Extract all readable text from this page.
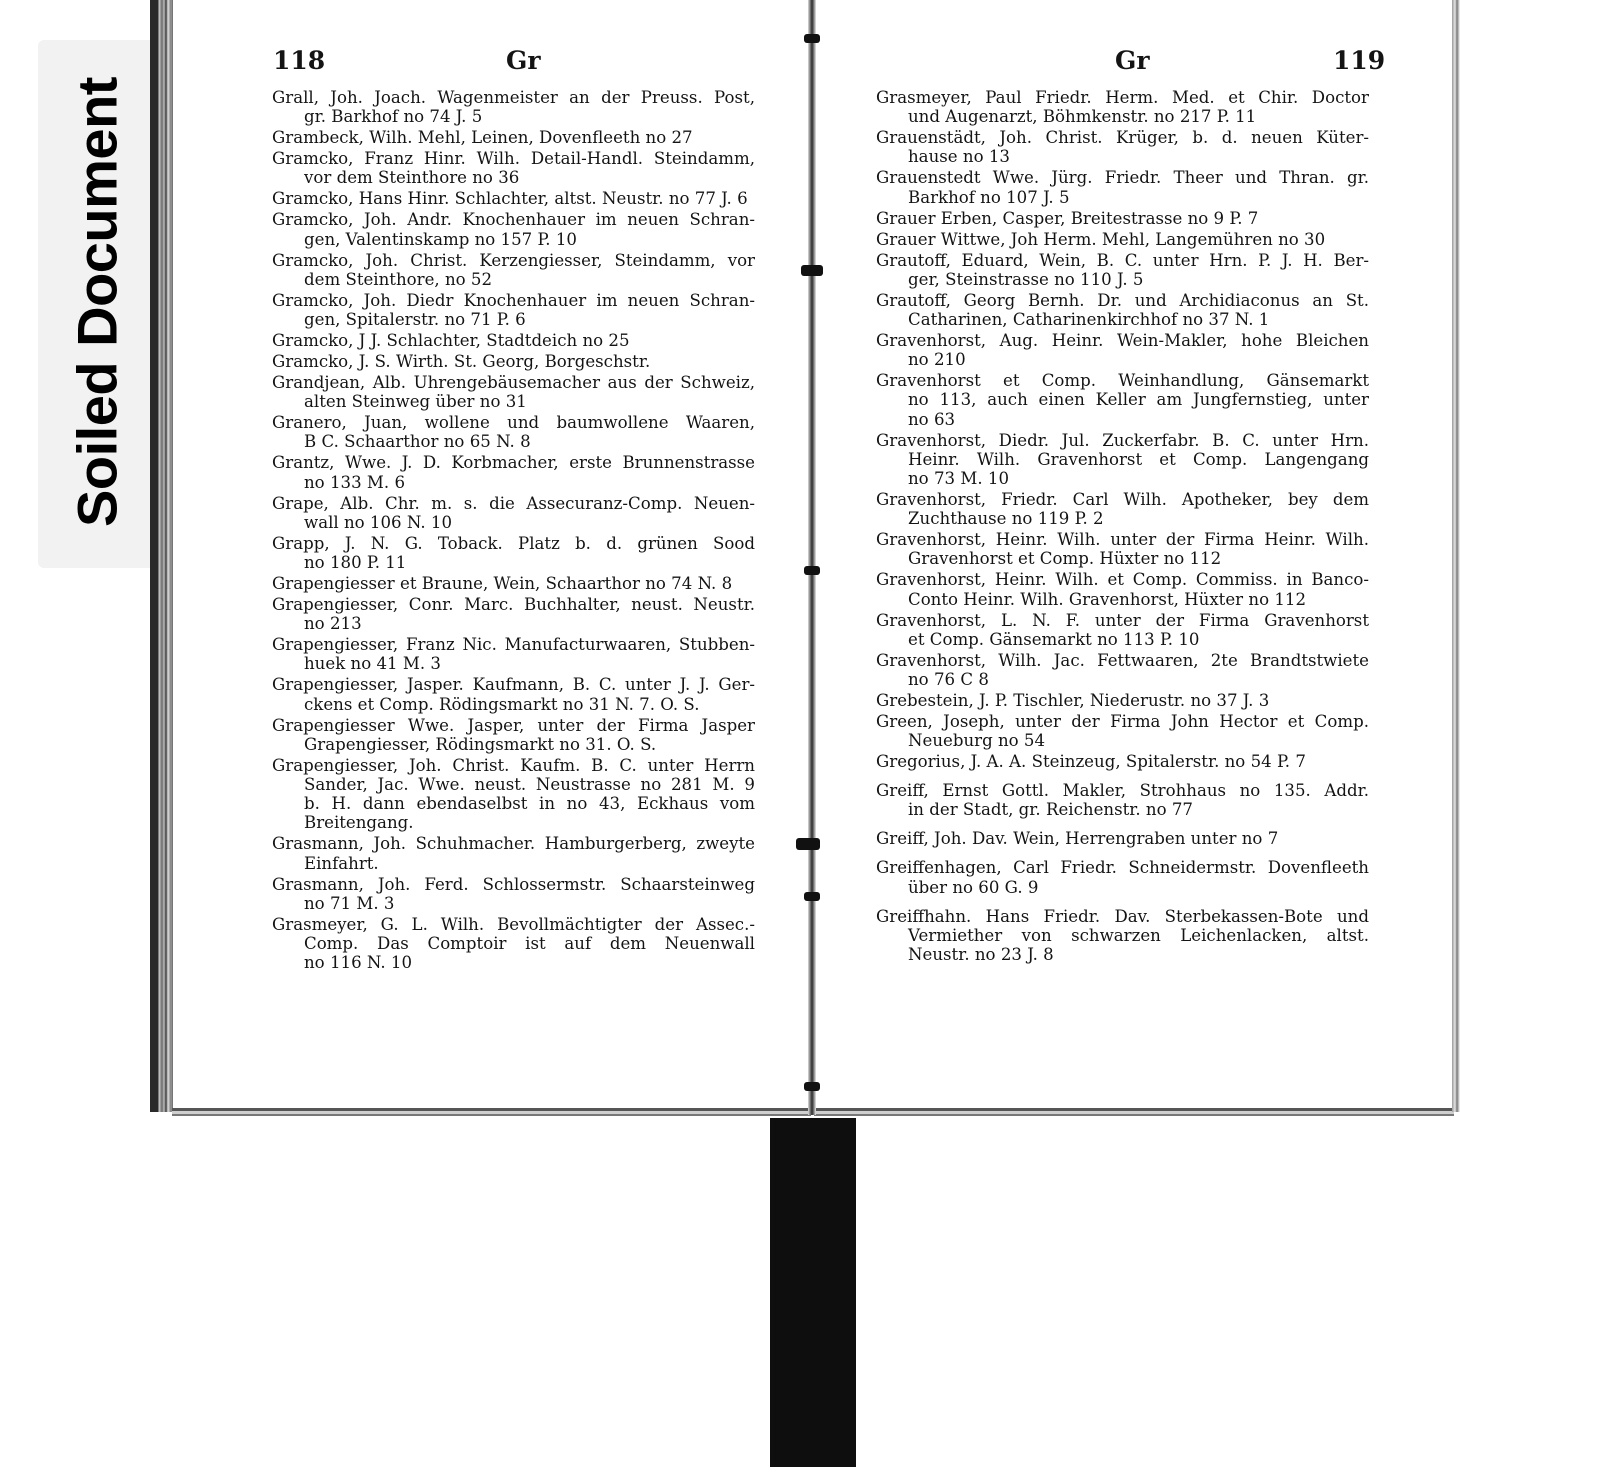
Soiled Document
118	Gr	Gr	119
Grall, Joh. Joach. Wagenmeister an der Preuss. Post,
gr. Barkhof no 74 J. 5
Grambeck, Wilh. Mehl, Leinen, Dovenfleeth no 27
Gramcko, Franz Hinr. Wilh. Detail-Handl. Steindamm,
vor dem Steinthore no 36
Gramcko, Hans Hinr. Schlachter, altst. Neustr. no 77 J. 6
Gramcko, Joh. Andr. Knochenhauer im neuen Schran-
gen, Valentinskamp no 157 P. 10
Gramcko, Joh. Christ. Kerzengiesser, Steindamm, vor
dem Steinthore, no 52
Gramcko, Joh. Diedr Knochenhauer im neuen Schran-
gen, Spitalerstr. no 71 P. 6
Gramcko, J J. Schlachter, Stadtdeich no 25
Gramcko, J. S. Wirth. St. Georg, Borgeschstr.
Grandjean, Alb. Uhrengebäusemacher aus der Schweiz,
alten Steinweg über no 31
Granero, Juan, wollene und baumwollene Waaren,
B C. Schaarthor no 65 N. 8
Grantz, Wwe. J. D. Korbmacher, erste Brunnenstrasse
no 133 M. 6
Grape, Alb. Chr. m. s. die Assecuranz-Comp. Neuen-
wall no 106 N. 10
Grapp, J. N. G. Toback. Platz b. d. grünen Sood
no 180 P. 11
Grapengiesser et Braune, Wein, Schaarthor no 74 N. 8
Grapengiesser, Conr. Marc. Buchhalter, neust. Neustr.
no 213
Grapengiesser, Franz Nic. Manufacturwaaren, Stubben-
huek no 41 M. 3
Grapengiesser, Jasper. Kaufmann, B. C. unter J. J. Ger-
ckens et Comp. Rödingsmarkt no 31 N. 7. O. S.
Grapengiesser Wwe. Jasper, unter der Firma Jasper
Grapengiesser, Rödingsmarkt no 31. O. S.
Grapengiesser, Joh. Christ. Kaufm. B. C. unter Herrn
Sander, Jac. Wwe. neust. Neustrasse no 281 M. 9
b. H. dann ebendaselbst in no 43, Eckhaus vom
Breitengang.
Grasmann, Joh. Schuhmacher. Hamburgerberg, zweyte
Einfahrt.
Grasmann, Joh. Ferd. Schlossermstr. Schaarsteinweg
no 71 M. 3
Grasmeyer, G. L. Wilh. Bevollmächtigter der Assec.-
Comp. Das Comptoir ist auf dem Neuenwall
no 116 N. 10
Grasmeyer, Paul Friedr. Herm. Med. et Chir. Doctor
und Augenarzt, Böhmkenstr. no 217 P. 11
Grauenstädt, Joh. Christ. Krüger, b. d. neuen Küter-
hause no 13
Grauenstedt Wwe. Jürg. Friedr. Theer und Thran. gr.
Barkhof no 107 J. 5
Grauer Erben, Casper, Breitestrasse no 9 P. 7
Grauer Wittwe, Joh Herm. Mehl, Langemühren no 30
Grautoff, Eduard, Wein, B. C. unter Hrn. P. J. H. Ber-
ger, Steinstrasse no 110 J. 5
Grautoff, Georg Bernh. Dr. und Archidiaconus an St.
Catharinen, Catharinenkirchhof no 37 N. 1
Gravenhorst, Aug. Heinr. Wein-Makler, hohe Bleichen
no 210
Gravenhorst et Comp. Weinhandlung, Gänsemarkt
no 113, auch einen Keller am Jungfernstieg, unter
no 63
Gravenhorst, Diedr. Jul. Zuckerfabr. B. C. unter Hrn.
Heinr. Wilh. Gravenhorst et Comp. Langengang
no 73 M. 10
Gravenhorst, Friedr. Carl Wilh. Apotheker, bey dem
Zuchthause no 119 P. 2
Gravenhorst, Heinr. Wilh. unter der Firma Heinr. Wilh.
Gravenhorst et Comp. Hüxter no 112
Gravenhorst, Heinr. Wilh. et Comp. Commiss. in Banco-
Conto Heinr. Wilh. Gravenhorst, Hüxter no 112
Gravenhorst, L. N. F. unter der Firma Gravenhorst
et Comp. Gänsemarkt no 113 P. 10
Gravenhorst, Wilh. Jac. Fettwaaren, 2te Brandtstwiete
no 76 C 8
Grebestein, J. P. Tischler, Niederustr. no 37 J. 3
Green, Joseph, unter der Firma John Hector et Comp.
Neueburg no 54
Gregorius, J. A. A. Steinzeug, Spitalerstr. no 54 P. 7
Greiff, Ernst Gottl. Makler, Strohhaus no 135. Addr.
in der Stadt, gr. Reichenstr. no 77
Greiff, Joh. Dav. Wein, Herrengraben unter no 7
Greiffenhagen, Carl Friedr. Schneidermstr. Dovenfleeth
über no 60 G. 9
Greiffhahn. Hans Friedr. Dav. Sterbekassen-Bote und
Vermiether von schwarzen Leichenlacken, altst.
Neustr. no 23 J. 8
